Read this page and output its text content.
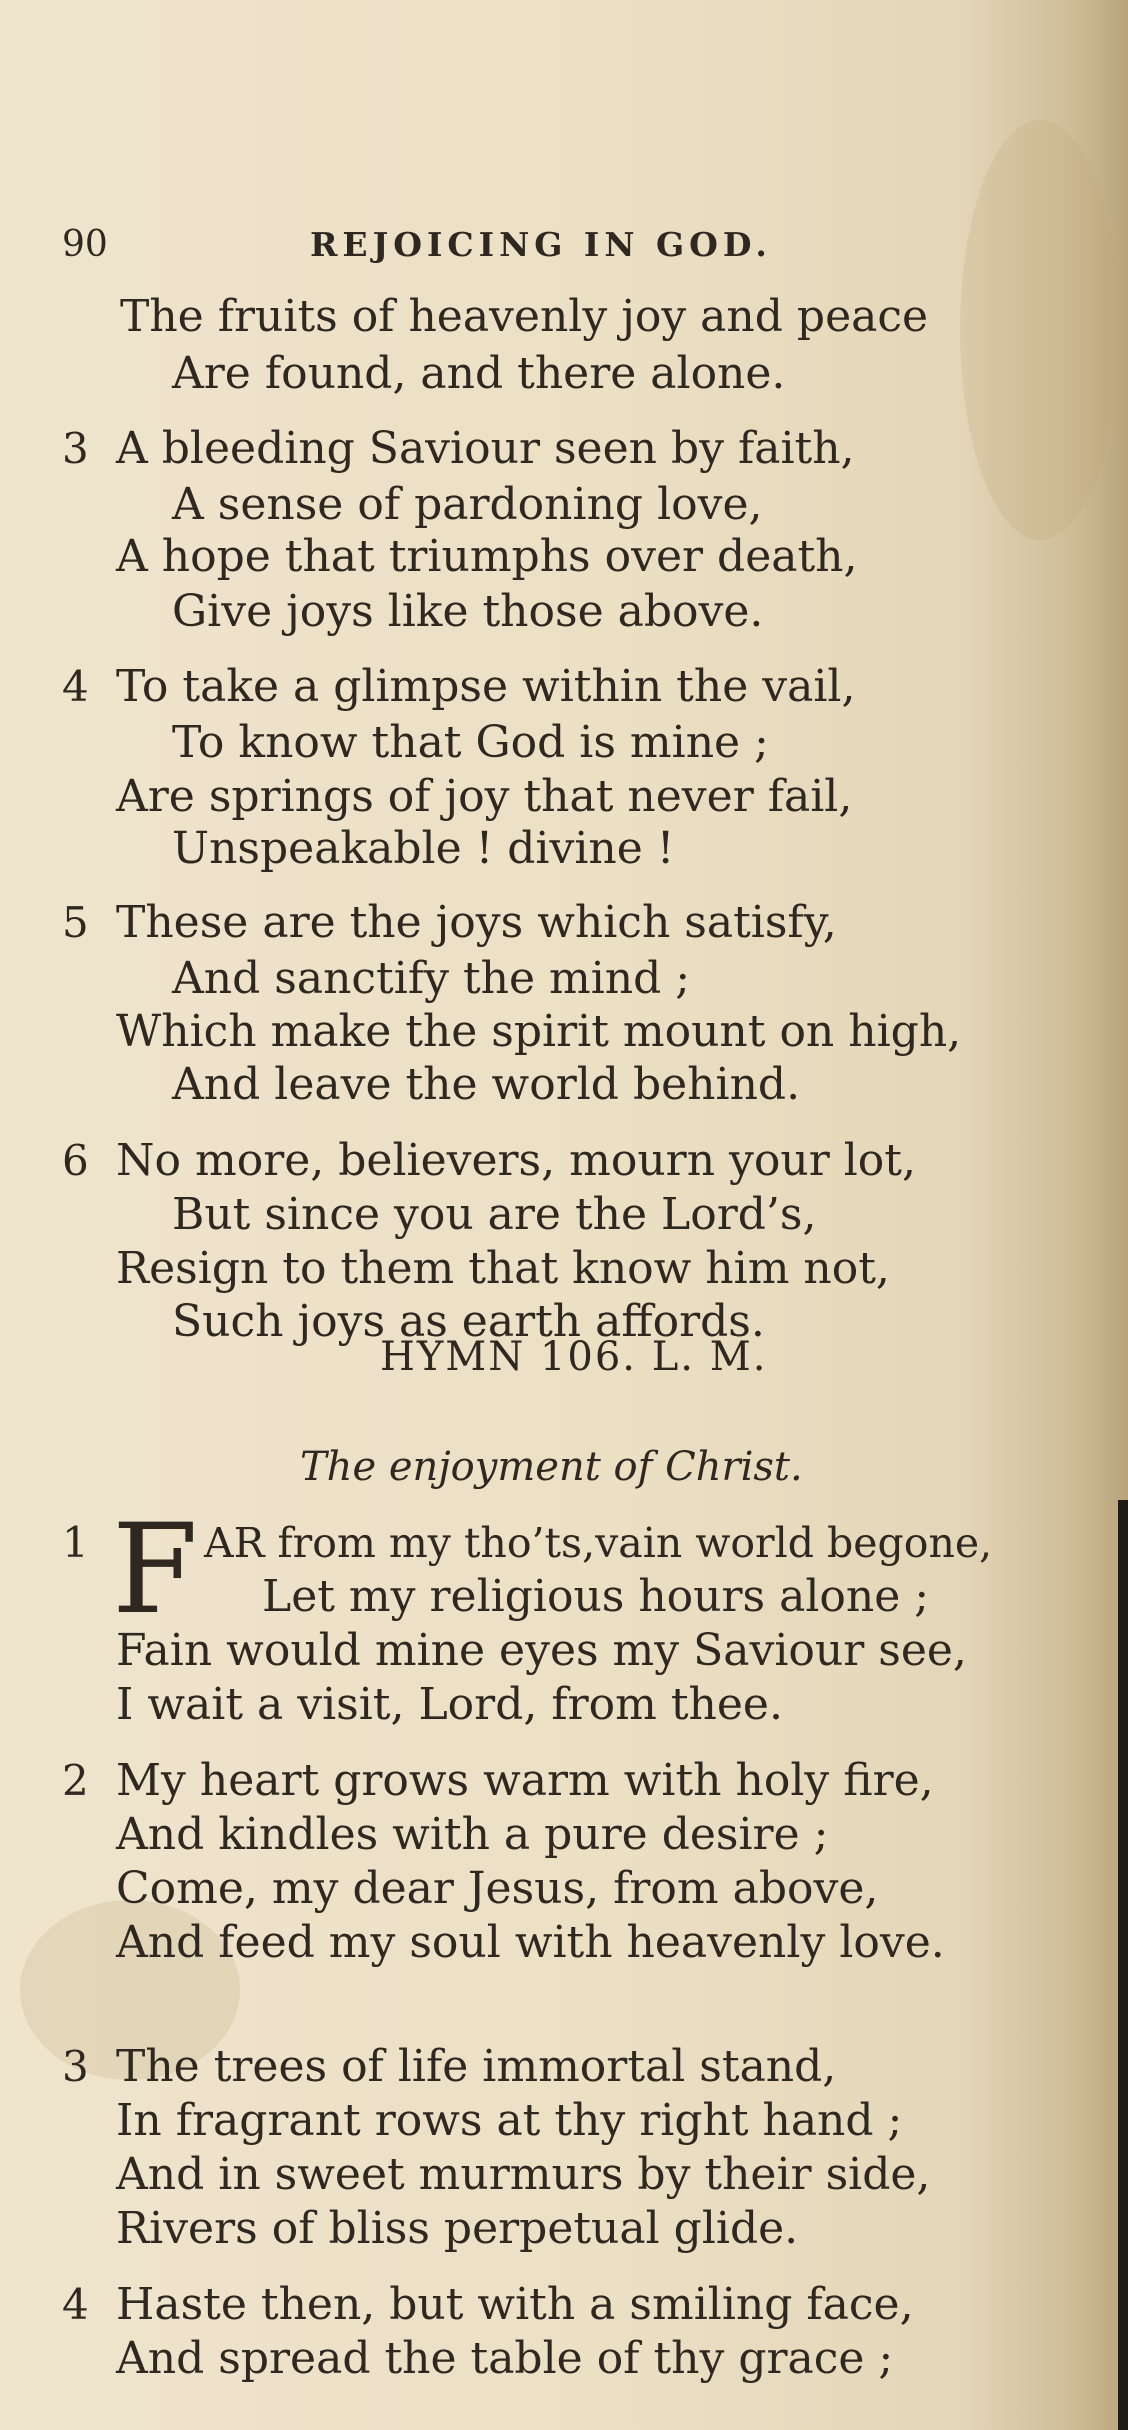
90	REJOICING IN GOD.
The fruits of heavenly joy and peace
Are found, and there alone.
3 A bleeding Saviour seen by faith,
A sense of pardoning love,
A hope that triumphs over death,
Give joys like those above.
4 To take a glimpse within the vail,
To know that God is mine ;
Are springs of joy that never fail,
Unspeakable ! divine !
5 These are the joys which satisfy,
And sanctify the mind ;
Which make the spirit mount on high,
And leave the world behind.
6 No more, believers, mourn your lot,
But since you are the Lord’s,
Resign to them that know him not,
Such joys as earth affords.
HYMN 106. L. M.
The enjoyment of Christ.
1 F AR from my tho’ts,vain world begone,
Let my religious hours alone ;
Fain would mine eyes my Saviour see,
I wait a visit, Lord, from thee.
2 My heart grows warm with holy fire,
And kindles with a pure desire ;
Come, my dear Jesus, from above,
And feed my soul with heavenly love.
3 The trees of life immortal stand,
In fragrant rows at thy right hand ;
And in sweet murmurs by their side,
Rivers of bliss perpetual glide.
4 Haste then, but with a smiling face,
And spread the table of thy grace ;
